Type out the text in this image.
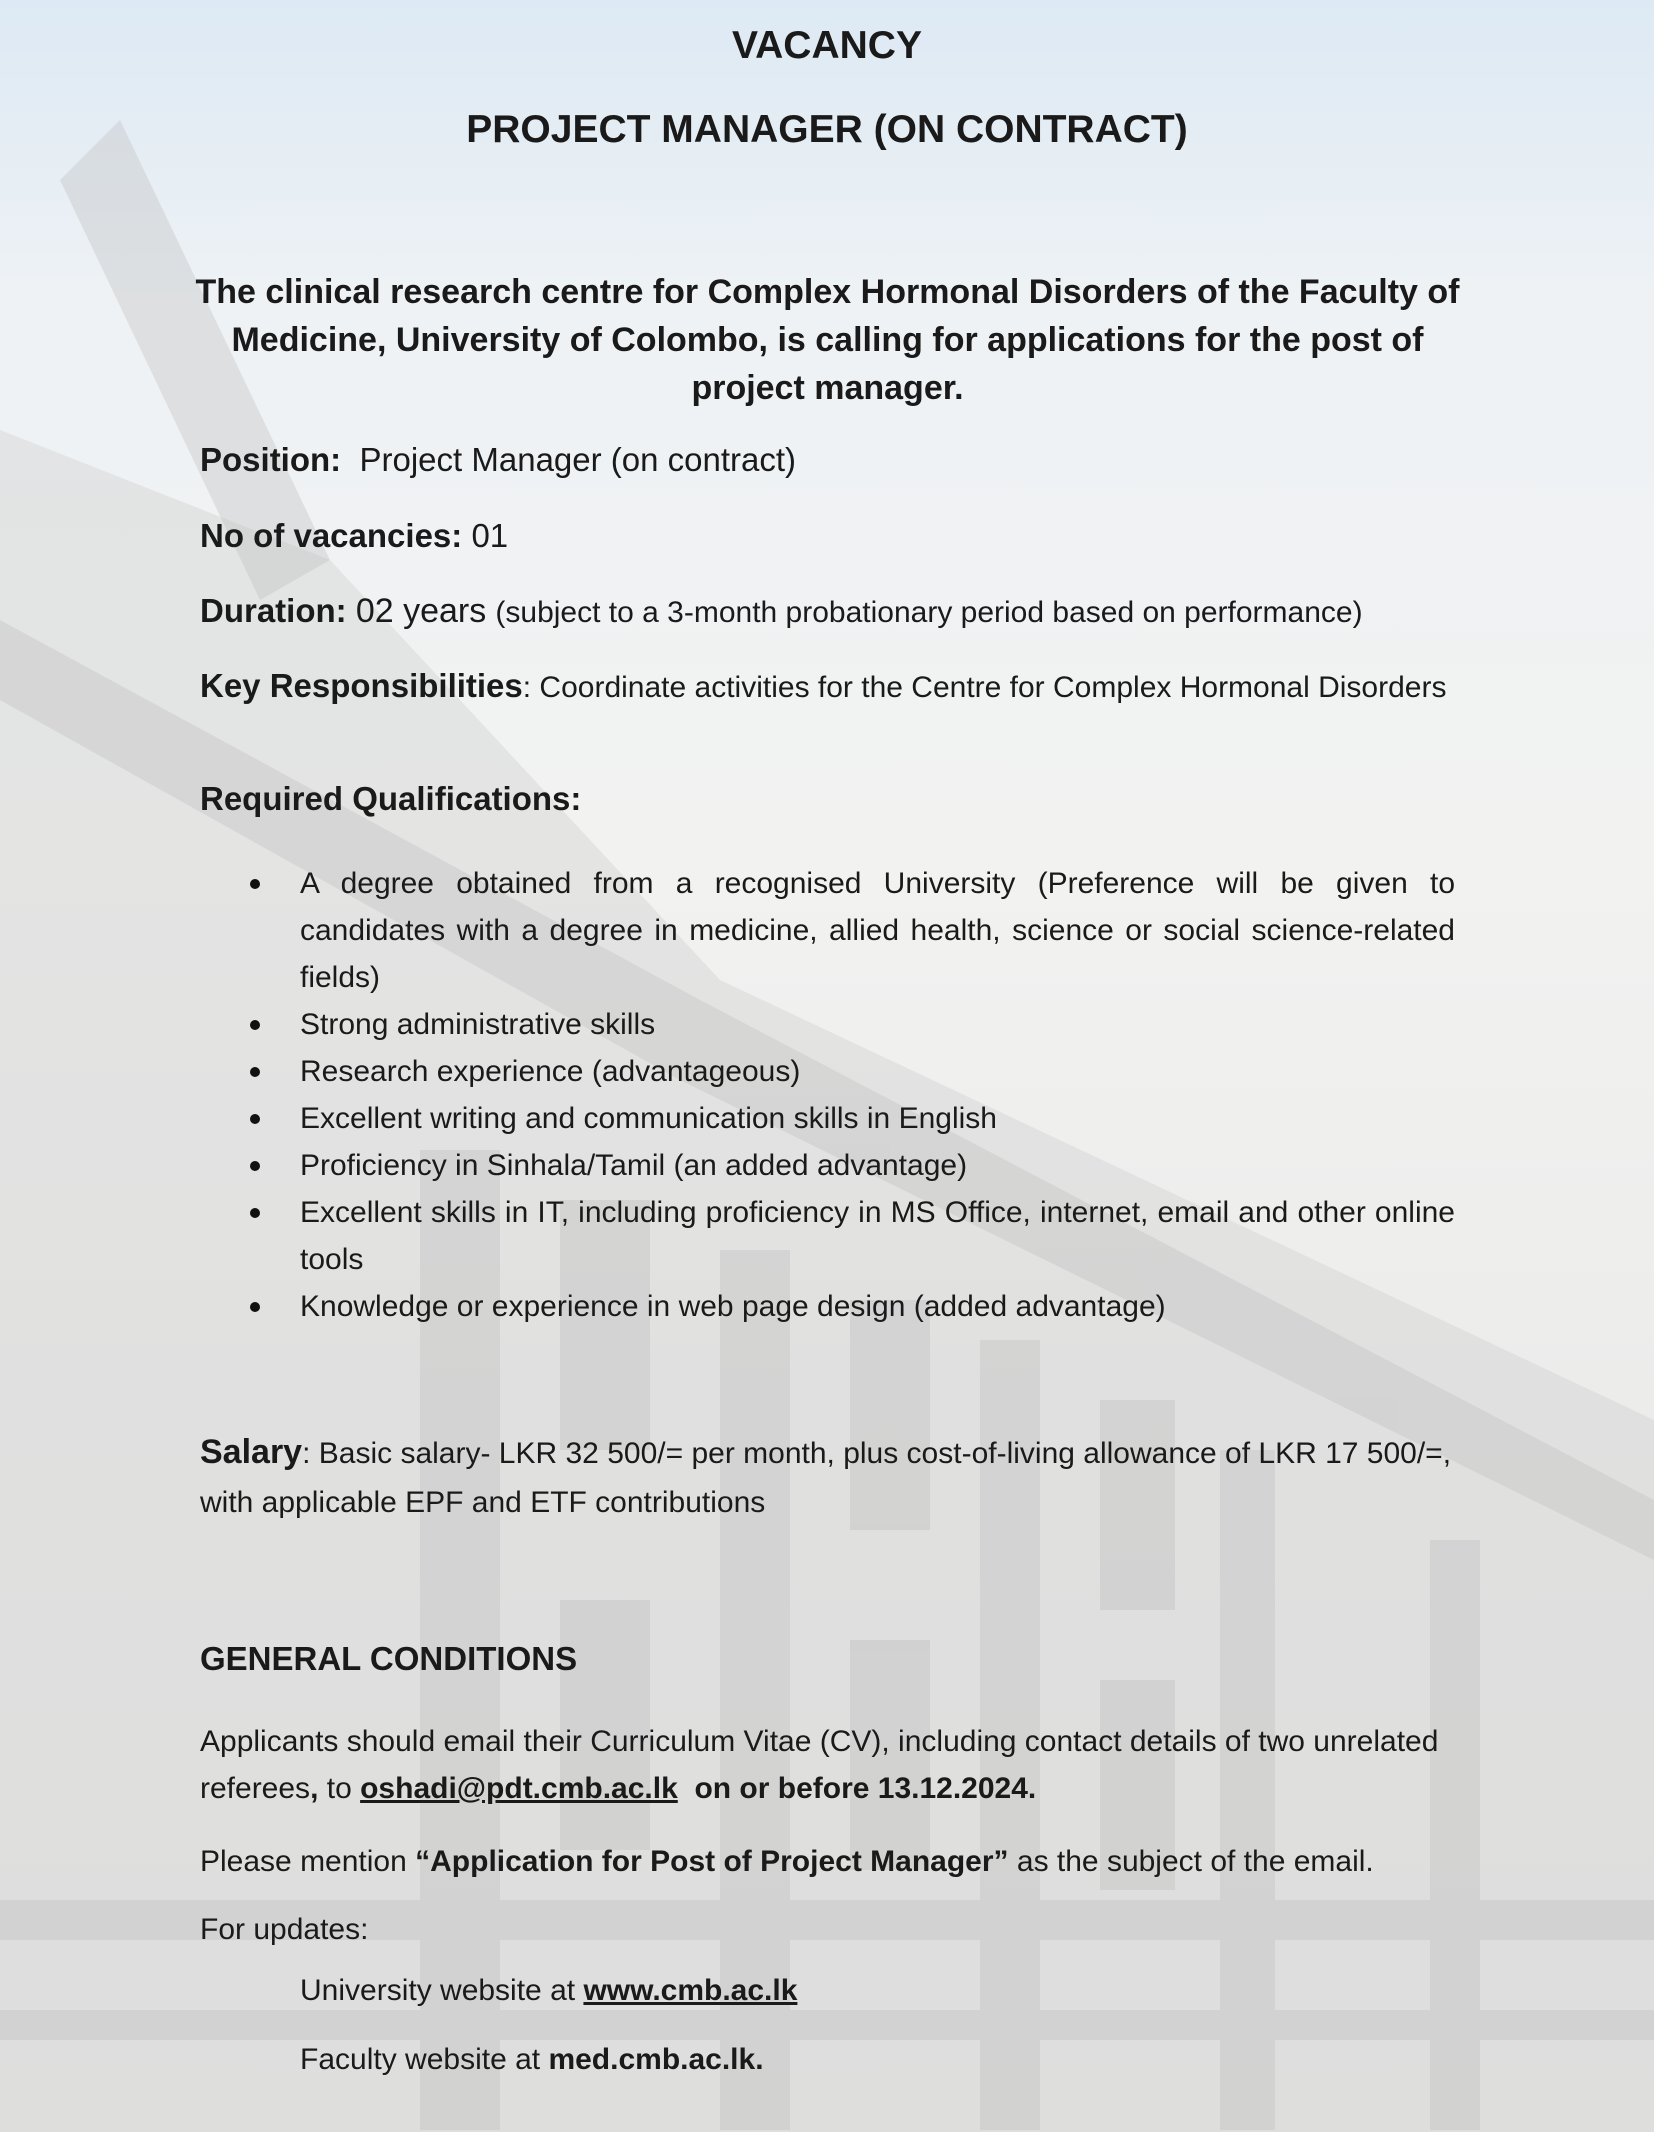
VACANCY
PROJECT MANAGER (ON CONTRACT)
The clinical research centre for Complex Hormonal Disorders of the Faculty of Medicine, University of Colombo, is calling for applications for the post of project manager.
Position: Project Manager (on contract)
No of vacancies: 01
Duration: 02 years (subject to a 3-month probationary period based on performance)
Key Responsibilities: Coordinate activities for the Centre for Complex Hormonal Disorders
Required Qualifications:
A degree obtained from a recognised University (Preference will be given to candidates with a degree in medicine, allied health, science or social science-related fields)
Strong administrative skills
Research experience (advantageous)
Excellent writing and communication skills in English
Proficiency in Sinhala/Tamil (an added advantage)
Excellent skills in IT, including proficiency in MS Office, internet, email and other online tools
Knowledge or experience in web page design (added advantage)
Salary: Basic salary- LKR 32 500/= per month, plus cost-of-living allowance of LKR 17 500/=, with applicable EPF and ETF contributions
GENERAL CONDITIONS
Applicants should email their Curriculum Vitae (CV), including contact details of two unrelated referees, to oshadi@pdt.cmb.ac.lk on or before 13.12.2024.
Please mention “Application for Post of Project Manager” as the subject of the email.
For updates:
University website at www.cmb.ac.lk
Faculty website at med.cmb.ac.lk.
